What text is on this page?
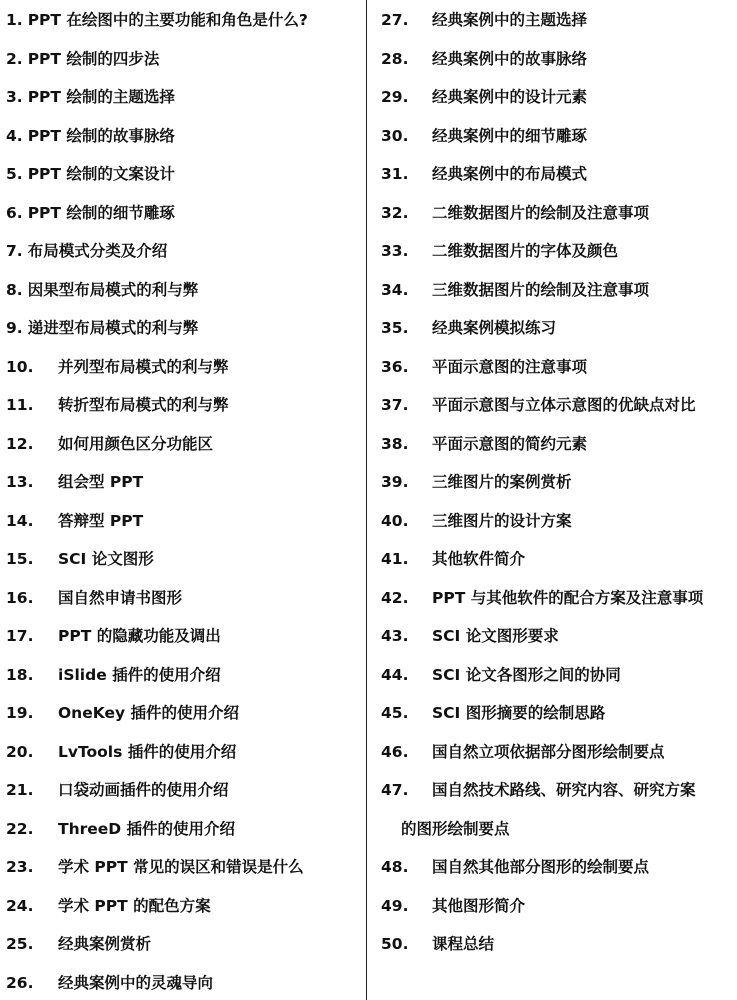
1. PPT 在绘图中的主要功能和角色是什么?
2. PPT 绘制的四步法
3. PPT 绘制的主题选择
4. PPT 绘制的故事脉络
5. PPT 绘制的文案设计
6. PPT 绘制的细节雕琢
7. 布局模式分类及介绍
8. 因果型布局模式的利与弊
9. 递进型布局模式的利与弊
10. 并列型布局模式的利与弊
11. 转折型布局模式的利与弊
12. 如何用颜色区分功能区
13. 组会型 PPT
14. 答辩型 PPT
15. SCI 论文图形
16. 国自然申请书图形
17. PPT 的隐藏功能及调出
18. iSlide 插件的使用介绍
19. OneKey 插件的使用介绍
20. LvTools 插件的使用介绍
21. 口袋动画插件的使用介绍
22. ThreeD 插件的使用介绍
23. 学术 PPT 常见的误区和错误是什么
24. 学术 PPT 的配色方案
25. 经典案例赏析
26. 经典案例中的灵魂导向
27. 经典案例中的主题选择
28. 经典案例中的故事脉络
29. 经典案例中的设计元素
30. 经典案例中的细节雕琢
31. 经典案例中的布局模式
32. 二维数据图片的绘制及注意事项
33. 二维数据图片的字体及颜色
34. 三维数据图片的绘制及注意事项
35. 经典案例模拟练习
36. 平面示意图的注意事项
37. 平面示意图与立体示意图的优缺点对比
38. 平面示意图的简约元素
39. 三维图片的案例赏析
40. 三维图片的设计方案
41. 其他软件简介
42. PPT 与其他软件的配合方案及注意事项
43. SCI 论文图形要求
44. SCI 论文各图形之间的协同
45. SCI 图形摘要的绘制思路
46. 国自然立项依据部分图形绘制要点
47. 国自然技术路线、研究内容、研究方案
的图形绘制要点
48. 国自然其他部分图形的绘制要点
49. 其他图形简介
50. 课程总结
